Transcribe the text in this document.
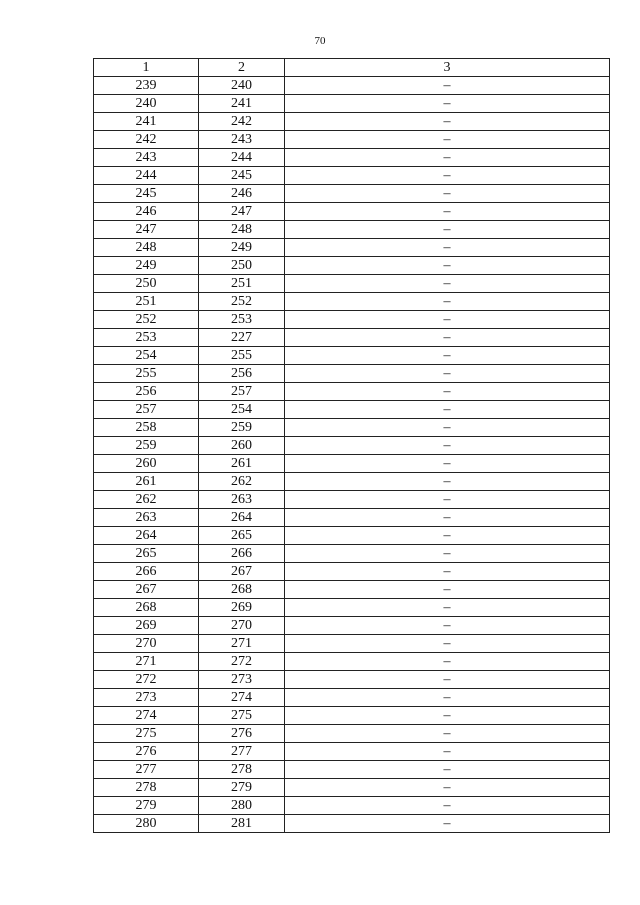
70
1	2	3
239	240	–
240	241	–
241	242	–
242	243	–
243	244	–
244	245	–
245	246	–
246	247	–
247	248	–
248	249	–
249	250	–
250	251	–
251	252	–
252	253	–
253	227	–
254	255	–
255	256	–
256	257	–
257	254	–
258	259	–
259	260	–
260	261	–
261	262	–
262	263	–
263	264	–
264	265	–
265	266	–
266	267	–
267	268	–
268	269	–
269	270	–
270	271	–
271	272	–
272	273	–
273	274	–
274	275	–
275	276	–
276	277	–
277	278	–
278	279	–
279	280	–
280	281	–
